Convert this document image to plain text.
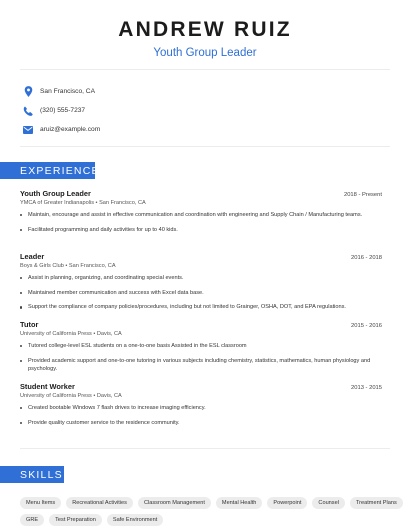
ANDREW RUIZ
Youth Group Leader
San Francisco, CA
(320) 555-7237
aruiz@example.com
EXPERIENCE
Youth Group Leader	2018 - Present
YMCA of Greater Indianapolis • San Francisco, CA
Maintain, encourage and assist in effective communication and coordination with engineering and Supply Chain / Manufacturing teams.
Facilitated programming and daily activities for up to 40 kids.
Leader	2016 - 2018
Boys & Girls Club • San Francisco, CA
Assist in planning, organizing, and coordinating special events.
Maintained member communication and success with Excel data base.
Support the compliance of company policies/procedures, including but not limited to Grainger, OSHA, DOT, and EPA regulations.
Tutor	2015 - 2016
University of California Press • Davis, CA
Tutored college-level ESL students on a one-to-one basis Assisted in the ESL classroom
Provided academic support and one-to-one tutoring in various subjects including chemistry, statistics, mathematics, human physiology and psychology.
Student Worker	2013 - 2015
University of California Press • Davis, CA
Created bootable Windows 7 flash drives to increase imaging efficiency.
Provide quality customer service to the residence community.
SKILLS
Menu Items	Recreational Activities	Classroom Management	Mental Health	Powerpoint	Counsel	Treatment Plans
GRE	Test Preparation	Safe Environment
